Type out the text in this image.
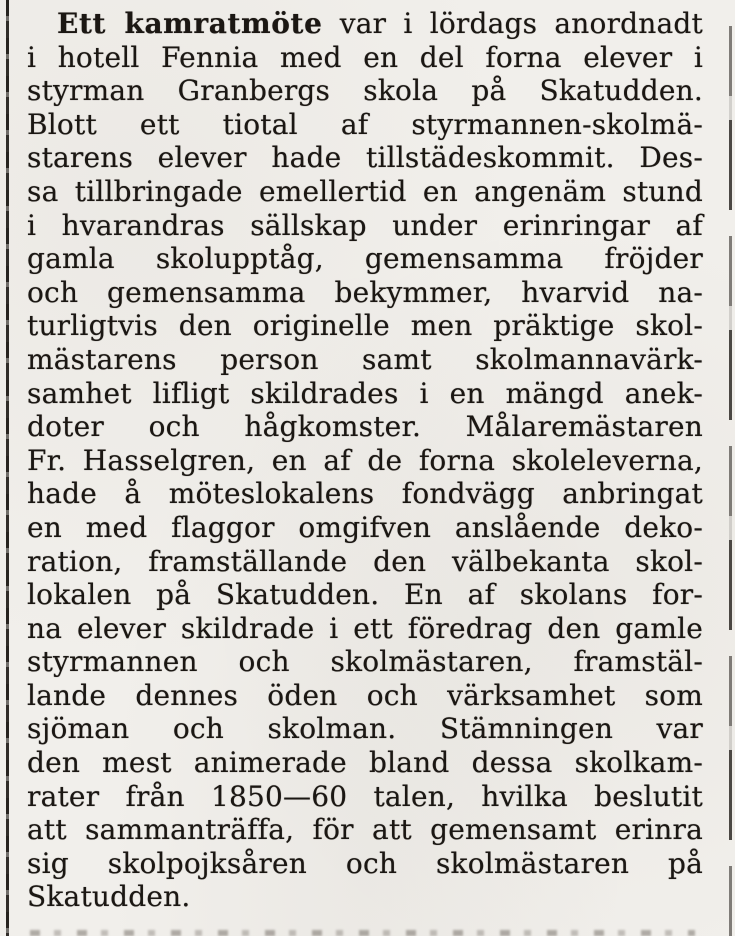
Ett kamratmöte var i lördags anordnadt
i hotell Fennia med en del forna elever i
styrman Granbergs skola på Skatudden.
Blott ett tiotal af styrmannen-skolmä-
starens elever hade tillstädeskommit. Des-
sa tillbringade emellertid en angenäm stund
i hvarandras sällskap under erinringar af
gamla skolupptåg, gemensamma fröjder
och gemensamma bekymmer, hvarvid na-
turligtvis den originelle men präktige skol-
mästarens person samt skolmannavärk-
samhet lifligt skildrades i en mängd anek-
doter och hågkomster. Målaremästaren
Fr. Hasselgren, en af de forna skoleleverna,
hade å möteslokalens fondvägg anbringat
en med flaggor omgifven anslående deko-
ration, framställande den välbekanta skol-
lokalen på Skatudden. En af skolans for-
na elever skildrade i ett föredrag den gamle
styrmannen och skolmästaren, framstäl-
lande dennes öden och värksamhet som
sjöman och skolman. Stämningen var
den mest animerade bland dessa skolkam-
rater från 1850—60 talen, hvilka beslutit
att sammanträffa, för att gemensamt erinra
sig skolpojksåren och skolmästaren på
Skatudden.
